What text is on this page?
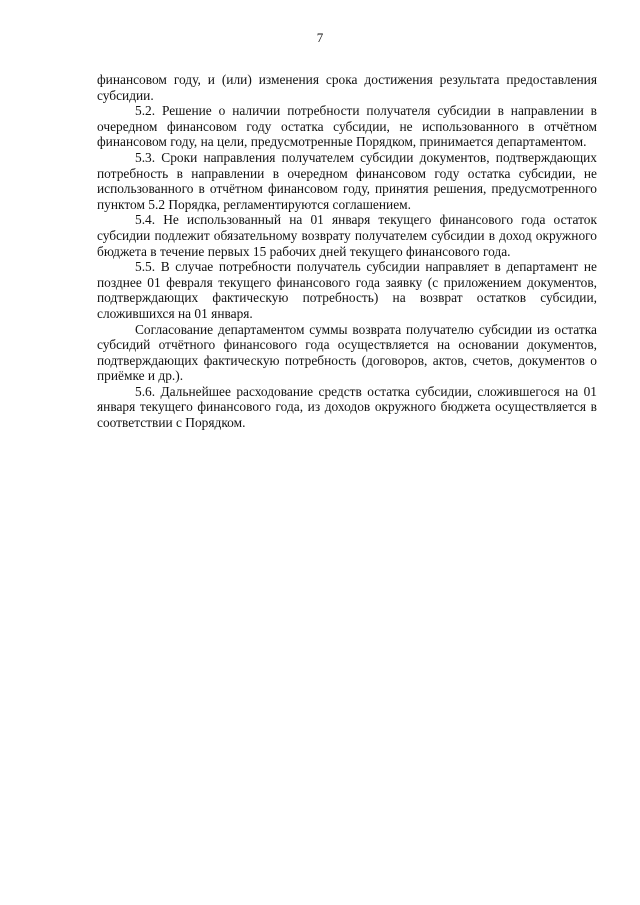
7

финансовом году, и (или) изменения срока достижения результата предоставления субсидии.

5.2. Решение о наличии потребности получателя субсидии в направлении в очередном финансовом году остатка субсидии, не использованного в отчётном финансовом году, на цели, предусмотренные Порядком, принимается департаментом.

5.3. Сроки направления получателем субсидии документов, подтверждающих потребность в направлении в очередном финансовом году остатка субсидии, не использованного в отчётном финансовом году, принятия решения, предусмотренного пунктом 5.2 Порядка, регламентируются соглашением.

5.4. Не использованный на 01 января текущего финансового года остаток субсидии подлежит обязательному возврату получателем субсидии в доход окружного бюджета в течение первых 15 рабочих дней текущего финансового года.

5.5. В случае потребности получатель субсидии направляет в департамент не позднее 01 февраля текущего финансового года заявку (с приложением документов, подтверждающих фактическую потребность) на возврат остатков субсидии, сложившихся на 01 января.

Согласование департаментом суммы возврата получателю субсидии из остатка субсидий отчётного финансового года осуществляется на основании документов, подтверждающих фактическую потребность (договоров, актов, счетов, документов о приёмке и др.).

5.6. Дальнейшее расходование средств остатка субсидии, сложившегося на 01 января текущего финансового года, из доходов окружного бюджета осуществляется в соответствии с Порядком.
